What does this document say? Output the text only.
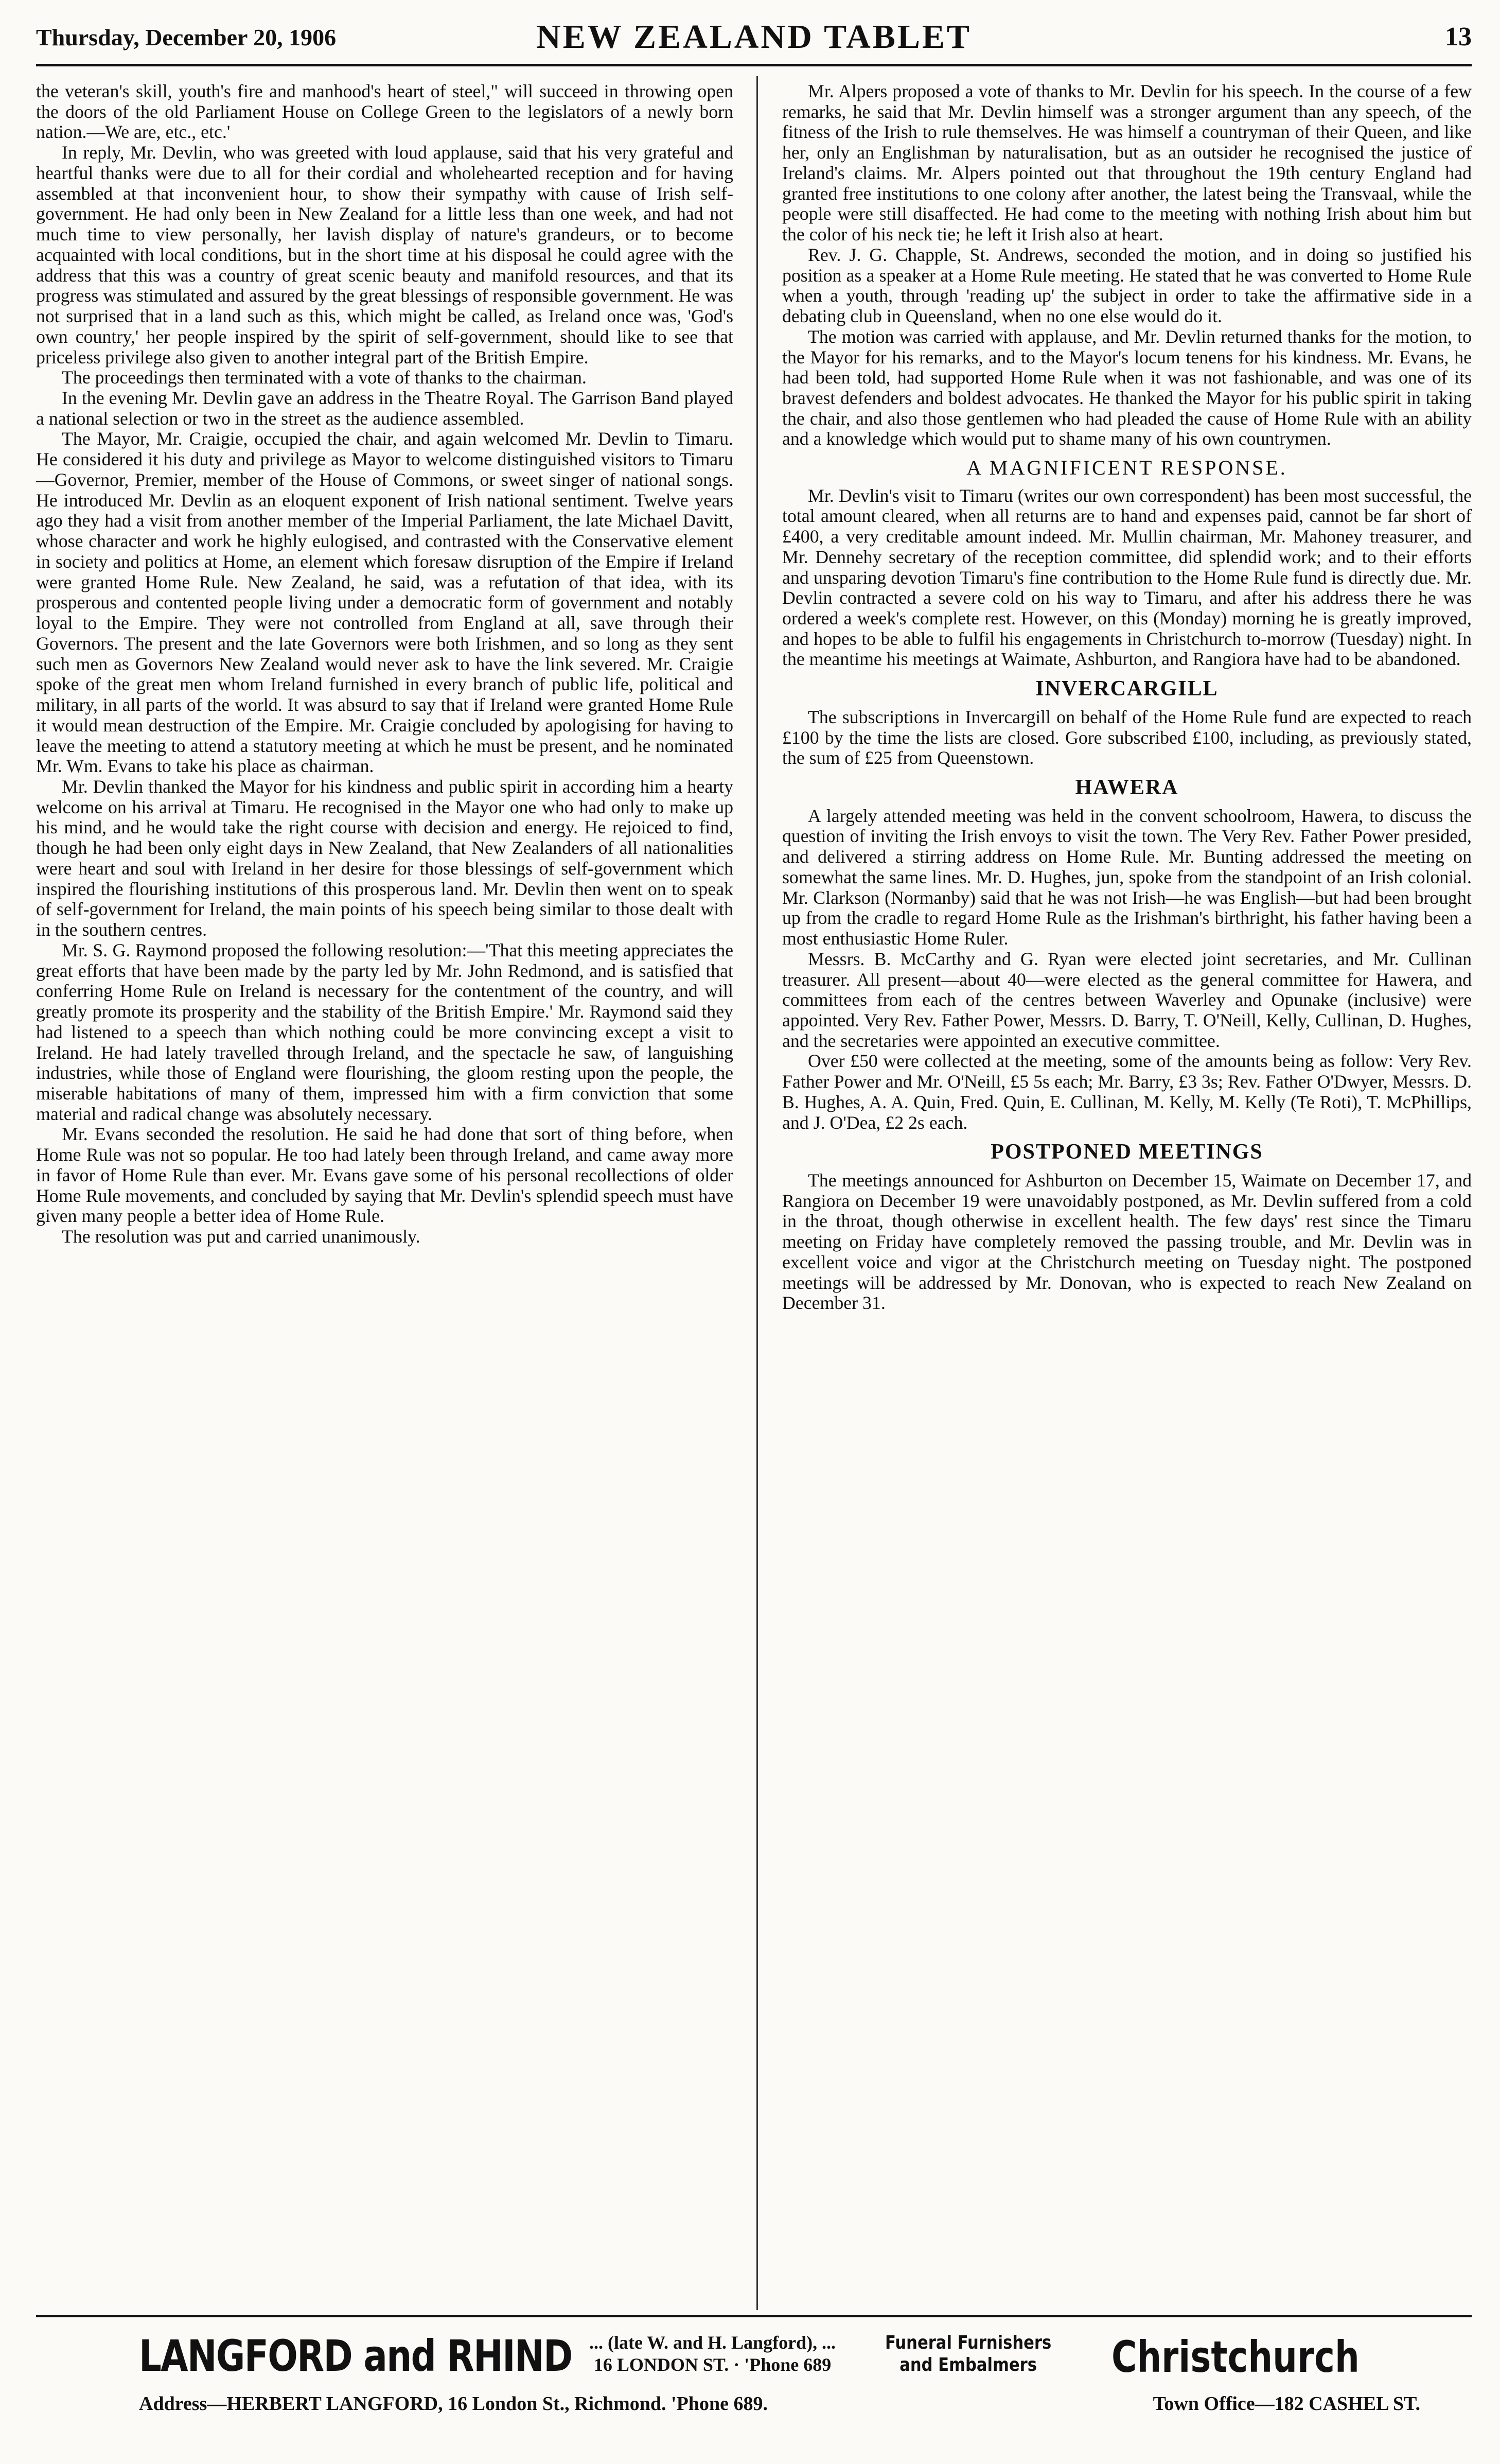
Thursday, December 20, 1906	NEW ZEALAND TABLET	13

the veteran's skill, youth's fire and manhood's heart of steel," will succeed in throwing open the doors of the old Parliament House on College Green to the legislators of a newly born nation.—We are, etc., etc.'

In reply, Mr. Devlin, who was greeted with loud applause, said that his very grateful and heartful thanks were due to all for their cordial and wholehearted reception and for having assembled at that inconvenient hour, to show their sympathy with cause of Irish self-government. He had only been in New Zealand for a little less than one week, and had not much time to view personally, her lavish display of nature's grandeurs, or to become acquainted with local conditions, but in the short time at his disposal he could agree with the address that this was a country of great scenic beauty and manifold resources, and that its progress was stimulated and assured by the great blessings of responsible government. He was not surprised that in a land such as this, which might be called, as Ireland once was, 'God's own country,' her people inspired by the spirit of self-government, should like to see that priceless privilege also given to another integral part of the British Empire.

The proceedings then terminated with a vote of thanks to the chairman.

In the evening Mr. Devlin gave an address in the Theatre Royal. The Garrison Band played a national selection or two in the street as the audience assembled.

The Mayor, Mr. Craigie, occupied the chair, and again welcomed Mr. Devlin to Timaru. He considered it his duty and privilege as Mayor to welcome distinguished visitors to Timaru—Governor, Premier, member of the House of Commons, or sweet singer of national songs. He introduced Mr. Devlin as an eloquent exponent of Irish national sentiment. Twelve years ago they had a visit from another member of the Imperial Parliament, the late Michael Davitt, whose character and work he highly eulogised, and contrasted with the Conservative element in society and politics at Home, an element which foresaw disruption of the Empire if Ireland were granted Home Rule. New Zealand, he said, was a refutation of that idea, with its prosperous and contented people living under a democratic form of government and notably loyal to the Empire. They were not controlled from England at all, save through their Governors. The present and the late Governors were both Irishmen, and so long as they sent such men as Governors New Zealand would never ask to have the link severed. Mr. Craigie spoke of the great men whom Ireland furnished in every branch of public life, political and military, in all parts of the world. It was absurd to say that if Ireland were granted Home Rule it would mean destruction of the Empire. Mr. Craigie concluded by apologising for having to leave the meeting to attend a statutory meeting at which he must be present, and he nominated Mr. Wm. Evans to take his place as chairman.

Mr. Devlin thanked the Mayor for his kindness and public spirit in according him a hearty welcome on his arrival at Timaru. He recognised in the Mayor one who had only to make up his mind, and he would take the right course with decision and energy. He rejoiced to find, though he had been only eight days in New Zealand, that New Zealanders of all nationalities were heart and soul with Ireland in her desire for those blessings of self-government which inspired the flourishing institutions of this prosperous land. Mr. Devlin then went on to speak of self-government for Ireland, the main points of his speech being similar to those dealt with in the southern centres.

Mr. S. G. Raymond proposed the following resolution:—'That this meeting appreciates the great efforts that have been made by the party led by Mr. John Redmond, and is satisfied that conferring Home Rule on Ireland is necessary for the contentment of the country, and will greatly promote its prosperity and the stability of the British Empire.' Mr. Raymond said they had listened to a speech than which nothing could be more convincing except a visit to Ireland. He had lately travelled through Ireland, and the spectacle he saw, of languishing industries, while those of England were flourishing, the gloom resting upon the people, the miserable habitations of many of them, impressed him with a firm conviction that some material and radical change was absolutely necessary.

Mr. Evans seconded the resolution. He said he had done that sort of thing before, when Home Rule was not so popular. He too had lately been through Ireland, and came away more in favor of Home Rule than ever. Mr. Evans gave some of his personal recollections of older Home Rule movements, and concluded by saying that Mr. Devlin's splendid speech must have given many people a better idea of Home Rule.

The resolution was put and carried unanimously.

Mr. Alpers proposed a vote of thanks to Mr. Devlin for his speech. In the course of a few remarks, he said that Mr. Devlin himself was a stronger argument than any speech, of the fitness of the Irish to rule themselves. He was himself a countryman of their Queen, and like her, only an Englishman by naturalisation, but as an outsider he recognised the justice of Ireland's claims. Mr. Alpers pointed out that throughout the 19th century England had granted free institutions to one colony after another, the latest being the Transvaal, while the people were still disaffected. He had come to the meeting with nothing Irish about him but the color of his neck tie; he left it Irish also at heart.

Rev. J. G. Chapple, St. Andrews, seconded the motion, and in doing so justified his position as a speaker at a Home Rule meeting. He stated that he was converted to Home Rule when a youth, through 'reading up' the subject in order to take the affirmative side in a debating club in Queensland, when no one else would do it.

The motion was carried with applause, and Mr. Devlin returned thanks for the motion, to the Mayor for his remarks, and to the Mayor's locum tenens for his kindness. Mr. Evans, he had been told, had supported Home Rule when it was not fashionable, and was one of its bravest defenders and boldest advocates. He thanked the Mayor for his public spirit in taking the chair, and also those gentlemen who had pleaded the cause of Home Rule with an ability and a knowledge which would put to shame many of his own countrymen.

A MAGNIFICENT RESPONSE.

Mr. Devlin's visit to Timaru (writes our own correspondent) has been most successful, the total amount cleared, when all returns are to hand and expenses paid, cannot be far short of £400, a very creditable amount indeed. Mr. Mullin chairman, Mr. Mahoney treasurer, and Mr. Dennehy secretary of the reception committee, did splendid work; and to their efforts and unsparing devotion Timaru's fine contribution to the Home Rule fund is directly due. Mr. Devlin contracted a severe cold on his way to Timaru, and after his address there he was ordered a week's complete rest. However, on this (Monday) morning he is greatly improved, and hopes to be able to fulfil his engagements in Christchurch to-morrow (Tuesday) night. In the meantime his meetings at Waimate, Ashburton, and Rangiora have had to be abandoned.

INVERCARGILL

The subscriptions in Invercargill on behalf of the Home Rule fund are expected to reach £100 by the time the lists are closed. Gore subscribed £100, including, as previously stated, the sum of £25 from Queenstown.

HAWERA

A largely attended meeting was held in the convent schoolroom, Hawera, to discuss the question of inviting the Irish envoys to visit the town. The Very Rev. Father Power presided, and delivered a stirring address on Home Rule. Mr. Bunting addressed the meeting on somewhat the same lines. Mr. D. Hughes, jun, spoke from the standpoint of an Irish colonial. Mr. Clarkson (Normanby) said that he was not Irish—he was English—but had been brought up from the cradle to regard Home Rule as the Irishman's birthright, his father having been a most enthusiastic Home Ruler.

Messrs. B. McCarthy and G. Ryan were elected joint secretaries, and Mr. Cullinan treasurer. All present—about 40—were elected as the general committee for Hawera, and committees from each of the centres between Waverley and Opunake (inclusive) were appointed. Very Rev. Father Power, Messrs. D. Barry, T. O'Neill, Kelly, Cullinan, D. Hughes, and the secretaries were appointed an executive committee.

Over £50 were collected at the meeting, some of the amounts being as follow: Very Rev. Father Power and Mr. O'Neill, £5 5s each; Mr. Barry, £3 3s; Rev. Father O'Dwyer, Messrs. D. B. Hughes, A. A. Quin, Fred. Quin, E. Cullinan, M. Kelly, M. Kelly (Te Roti), T. McPhillips, and J. O'Dea, £2 2s each.

POSTPONED MEETINGS

The meetings announced for Ashburton on December 15, Waimate on December 17, and Rangiora on December 19 were unavoidably postponed, as Mr. Devlin suffered from a cold in the throat, though otherwise in excellent health. The few days' rest since the Timaru meeting on Friday have completely removed the passing trouble, and Mr. Devlin was in excellent voice and vigor at the Christchurch meeting on Tuesday night. The postponed meetings will be addressed by Mr. Donovan, who is expected to reach New Zealand on December 31.

LANGFORD and RHIND ... (late W. and H. Langford), ...
16 LONDON ST. · 'Phone 689
Funeral Furnishers
and Embalmers	Christchurch
Address—HERBERT LANGFORD, 16 London St., Richmond. 'Phone 689.	Town Office—182 CASHEL ST.
